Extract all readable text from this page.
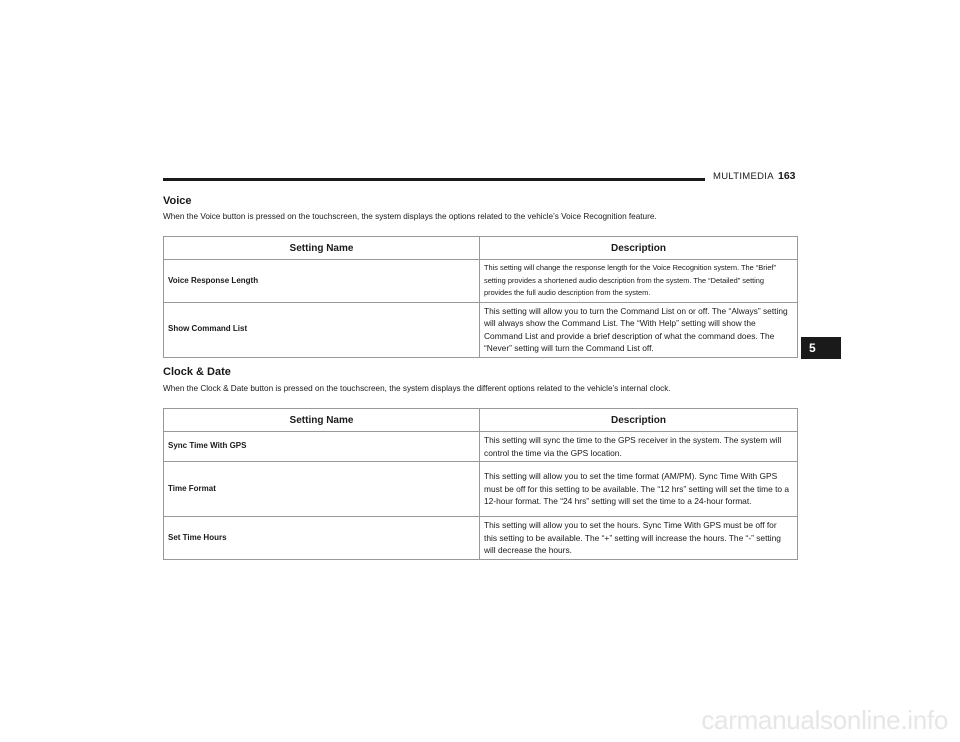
MULTIMEDIA 163
5
Voice
When the Voice button is pressed on the touchscreen, the system displays the options related to the vehicle’s Voice Recognition feature.
Setting Name	Description
Voice Response Length	This setting will change the response length for the Voice Recognition system. The “Brief” setting provides a shortened audio description from the system. The “Detailed” setting provides the full audio description from the system.
Show Command List	This setting will allow you to turn the Command List on or off. The “Always” setting will always show the Command List. The “With Help” setting will show the Command List and provide a brief description of what the command does. The “Never” setting will turn the Command List off.
Clock & Date
When the Clock & Date button is pressed on the touchscreen, the system displays the different options related to the vehicle’s internal clock.
Setting Name	Description
Sync Time With GPS	This setting will sync the time to the GPS receiver in the system. The system will control the time via the GPS location.
Time Format	This setting will allow you to set the time format (AM/PM). Sync Time With GPS must be off for this setting to be available. The “12 hrs” setting will set the time to a 12-hour format. The “24 hrs” setting will set the time to a 24-hour format.
Set Time Hours	This setting will allow you to set the hours. Sync Time With GPS must be off for this setting to be available. The “+” setting will increase the hours. The “-” setting will decrease the hours.
carmanualsonline.info
